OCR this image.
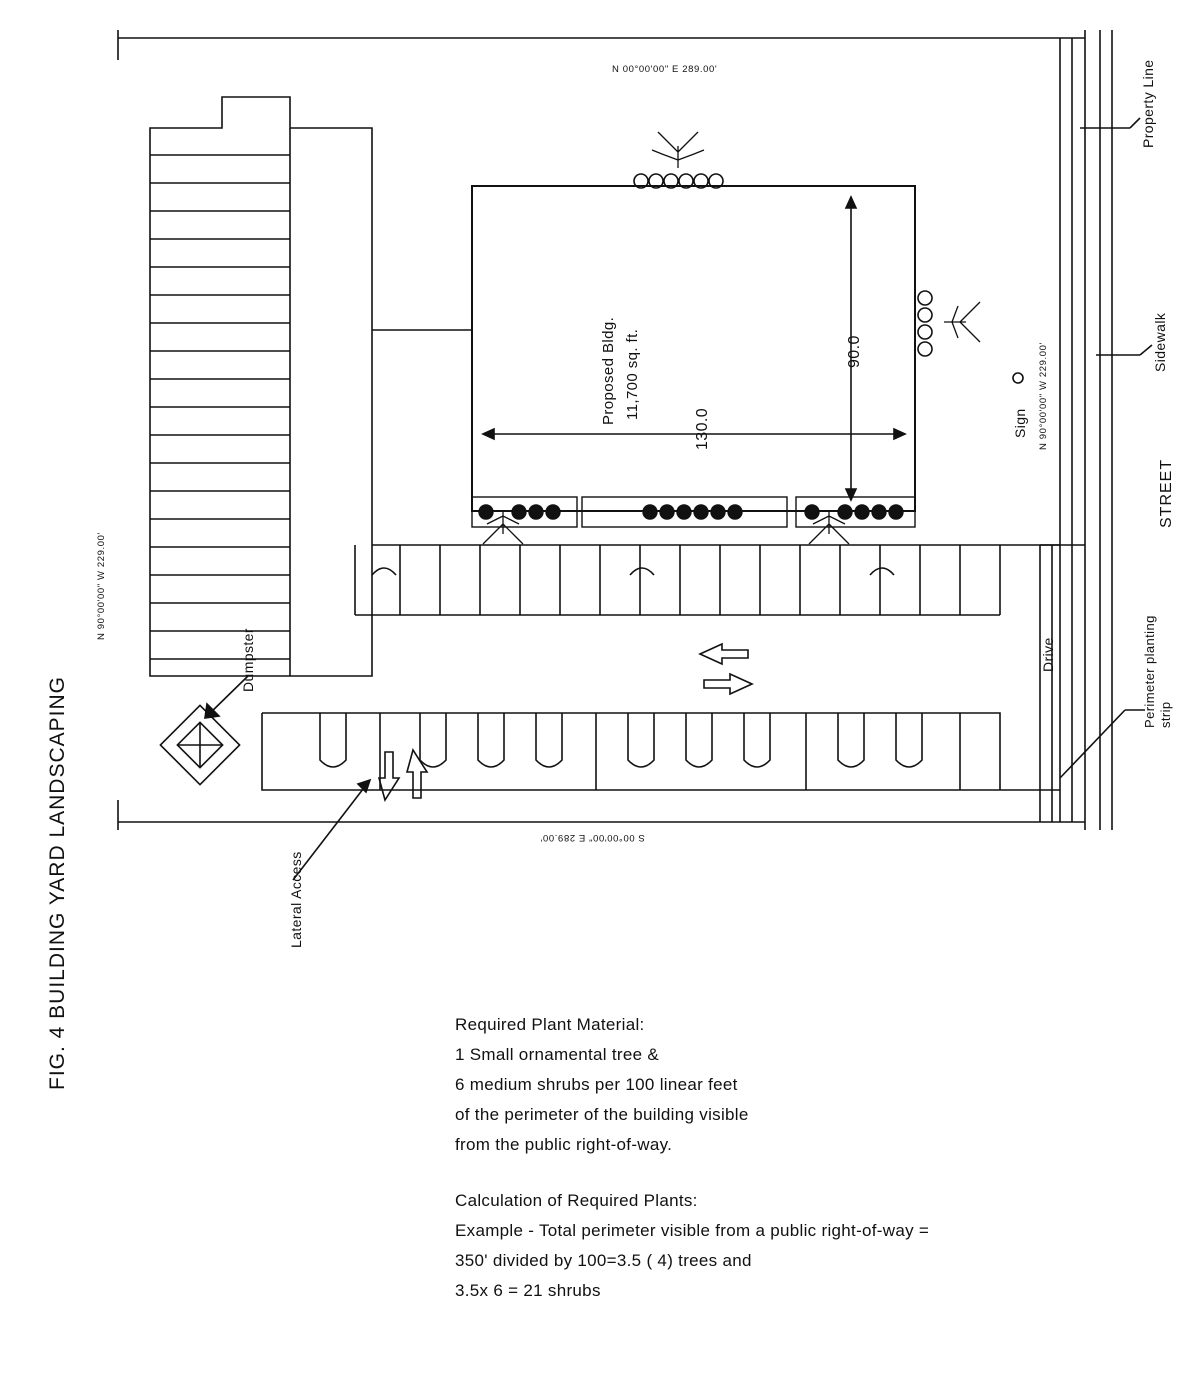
FIG. 4 BUILDING YARD LANDSCAPING
N 00°00'00" E 289.00'
S 00°00'00" E 289.00'
N 90°00'00" W 229.00'
N 90°00'00" W 229.00'
Proposed Bldg. 11,700 sq. ft.
130.0
90.0
Property Line
Sidewalk
STREET
Drive	Perimeter planting strip
Dumpster
Lateral Access
Sign
Required Plant Material:
1 Small ornamental tree &
6 medium shrubs per 100 linear feet
of the perimeter of the building visible
from the public right-of-way.
Calculation of Required Plants:
Example - Total perimeter visible from a public right-of-way =
350' divided by 100=3.5 ( 4) trees and
3.5x 6 = 21 shrubs
